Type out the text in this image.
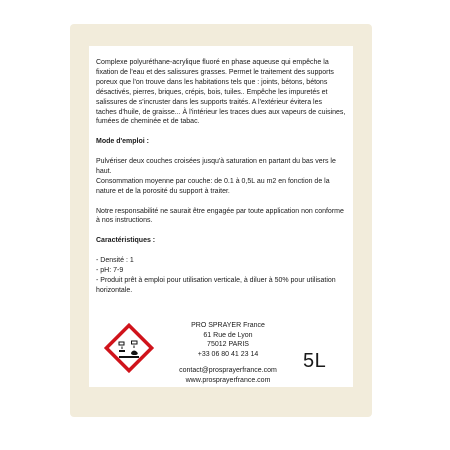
Complexe polyuréthane-acrylique fluoré en phase aqueuse qui empêche la fixation de l'eau et des salissures grasses. Permet le traitement des supports poreux que l'on trouve dans les habitations tels que : joints, bétons, bétons désactivés, pierres, briques, crépis, bois, tuiles.. Empêche les impuretés et salissures de s'incruster dans les supports traités. A l'extérieur évitera les

taches d'huile, de graisse... À l'intérieur les traces dues aux vapeurs de cuisines, fumées de cheminée et de tabac.

Mode d'emploi :

Pulvériser deux couches croisées jusqu'à saturation en partant du bas vers le haut.

Consommation moyenne par couche: de 0.1 à 0,5L au m2 en fonction de la nature et de la porosité du support à traiter.

Notre responsabilité ne saurait être engagée par toute application non conforme à nos instructions.

Caractéristiques :

- Densité : 1

- pH: 7-9

- Produit prêt à emploi pour utilisation verticale, à diluer à 50% pour utilisation horizontale.

PRO SPRAYER France
61 Rue de Lyon
75012 PARIS
+33 06 80 41 23 14
contact@prosprayerfrance.com
www.prosprayerfrance.com
5L
